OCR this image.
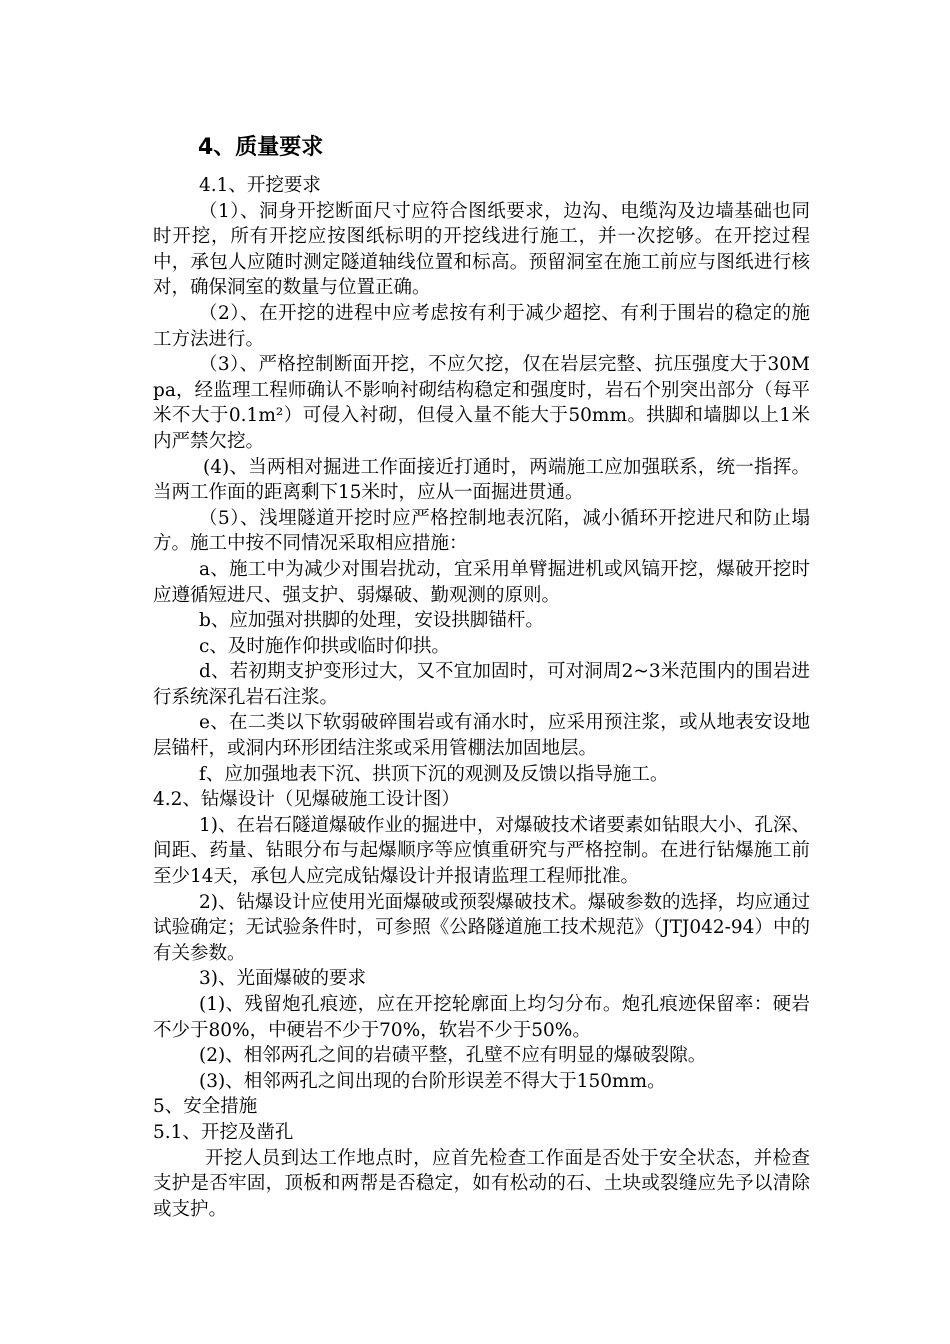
4、质量要求

4.1、开挖要求

（1）、洞身开挖断面尺寸应符合图纸要求，边沟、电缆沟及边墙基础也同时开挖，所有开挖应按图纸标明的开挖线进行施工，并一次挖够。在开挖过程中，承包人应随时测定隧道轴线位置和标高。预留洞室在施工前应与图纸进行核对，确保洞室的数量与位置正确。

（2）、在开挖的进程中应考虑按有利于减少超挖、有利于围岩的稳定的施工方法进行。

（3）、严格控制断面开挖，不应欠挖，仅在岩层完整、抗压强度大于30Mpa，经监理工程师确认不影响衬砌结构稳定和强度时，岩石个别突出部分（每平米不大于0.1m²）可侵入衬砌，但侵入量不能大于50mm。拱脚和墙脚以上1米内严禁欠挖。

(4)、当两相对掘进工作面接近打通时，两端施工应加强联系，统一指挥。当两工作面的距离剩下15米时，应从一面掘进贯通。

（5）、浅埋隧道开挖时应严格控制地表沉陷，减小循环开挖进尺和防止塌方。施工中按不同情况采取相应措施：

a、施工中为减少对围岩扰动，宜采用单臂掘进机或风镐开挖，爆破开挖时应遵循短进尺、强支护、弱爆破、勤观测的原则。

b、应加强对拱脚的处理，安设拱脚锚杆。

c、及时施作仰拱或临时仰拱。

d、若初期支护变形过大，又不宜加固时，可对洞周2~3米范围内的围岩进行系统深孔岩石注浆。

e、在二类以下软弱破碎围岩或有涌水时，应采用预注浆，或从地表安设地层锚杆，或洞内环形团结注浆或采用管棚法加固地层。

f、应加强地表下沉、拱顶下沉的观测及反馈以指导施工。

4.2、钻爆设计（见爆破施工设计图）

1)、在岩石隧道爆破作业的掘进中，对爆破技术诸要素如钻眼大小、孔深、间距、药量、钻眼分布与起爆顺序等应慎重研究与严格控制。在进行钻爆施工前至少14天，承包人应完成钻爆设计并报请监理工程师批准。

2)、钻爆设计应使用光面爆破或预裂爆破技术。爆破参数的选择，均应通过试验确定；无试验条件时，可参照《公路隧道施工技术规范》（JTJ042-94）中的有关参数。

3)、光面爆破的要求

(1)、残留炮孔痕迹，应在开挖轮廓面上均匀分布。炮孔痕迹保留率：硬岩不少于80%，中硬岩不少于70%，软岩不少于50%。

(2)、相邻两孔之间的岩碛平整，孔壁不应有明显的爆破裂隙。

(3)、相邻两孔之间出现的台阶形误差不得大于150mm。

5、安全措施

5.1、开挖及凿孔

开挖人员到达工作地点时，应首先检查工作面是否处于安全状态，并检查支护是否牢固，顶板和两帮是否稳定，如有松动的石、土块或裂缝应先予以清除或支护。
